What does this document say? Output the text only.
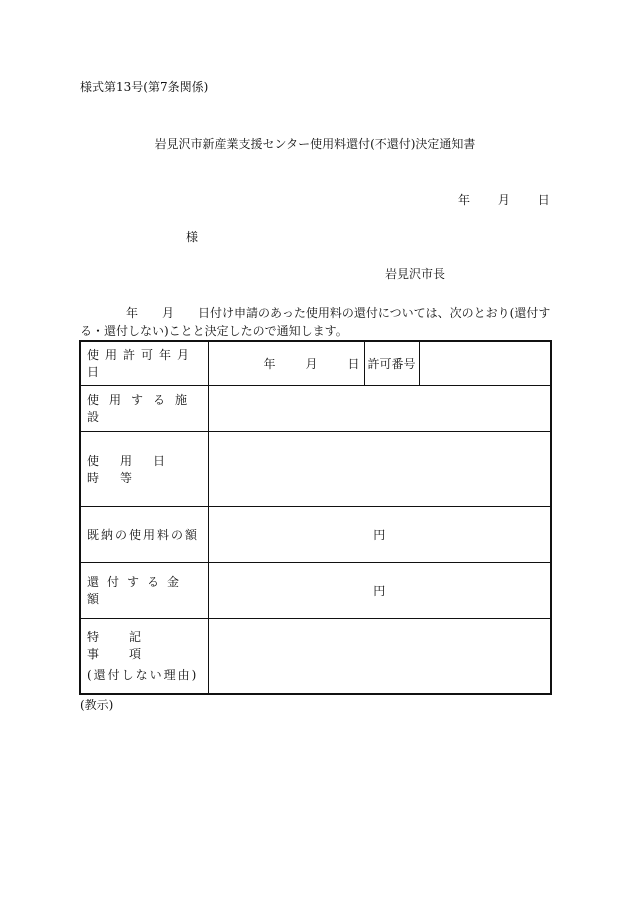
様式第13号(第7条関係)
岩見沢市新産業支援センター使用料還付(不還付)決定通知書
年 月 日
様
岩見沢市長
年 月 日付け申請のあった使用料の還付については、次のとおり(還付す
る・還付しない)ことと決定したので通知します。
使用許可年月日	年 月 日	許可番号	

使用する施設			

使用日時等			

既納の使用料の額	円		

還付する金額	円		

特記事項
(還付しない理由)			

(教示)
